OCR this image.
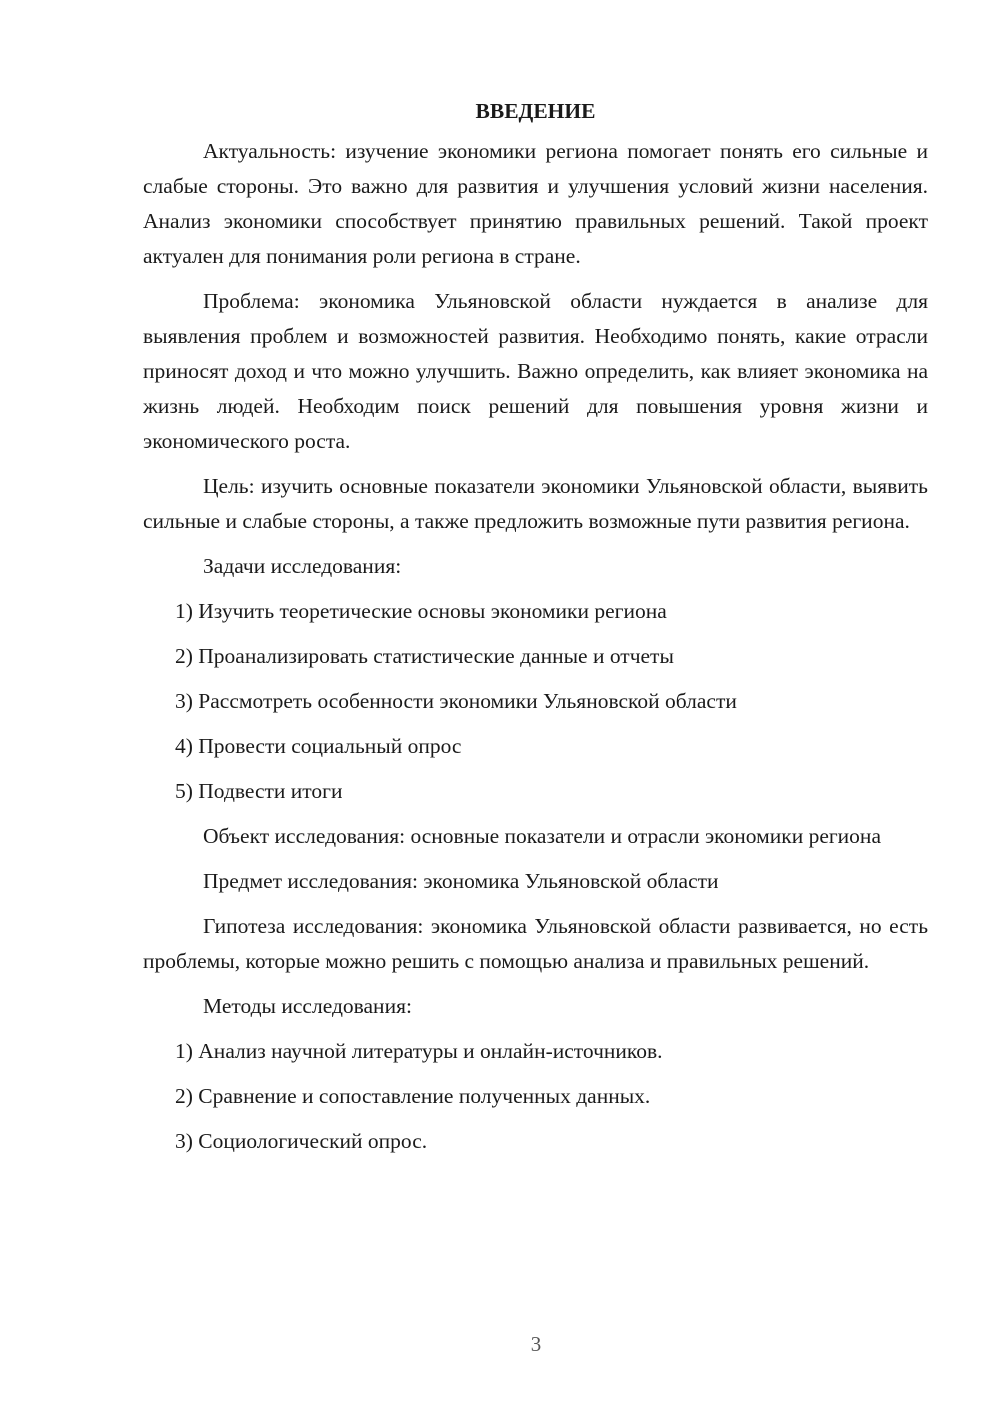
ВВЕДЕНИЕ
Актуальность: изучение экономики региона помогает понять его сильные и слабые стороны. Это важно для развития и улучшения условий жизни населения. Анализ экономики способствует принятию правильных решений. Такой проект актуален для понимания роли региона в стране.
Проблема: экономика Ульяновской области нуждается в анализе для выявления проблем и возможностей развития. Необходимо понять, какие отрасли приносят доход и что можно улучшить. Важно определить, как влияет экономика на жизнь людей. Необходим поиск решений для повышения уровня жизни и экономического роста.
Цель: изучить основные показатели экономики Ульяновской области, выявить сильные и слабые стороны, а также предложить возможные пути развития региона.
Задачи исследования:
1) Изучить теоретические основы экономики региона
2) Проанализировать статистические данные и отчеты
3) Рассмотреть особенности экономики Ульяновской области
4) Провести социальный опрос
5) Подвести итоги
Объект исследования: основные показатели и отрасли экономики региона
Предмет исследования: экономика Ульяновской области
Гипотеза исследования: экономика Ульяновской области развивается, но есть проблемы, которые можно решить с помощью анализа и правильных решений.
Методы исследования:
1) Анализ научной литературы и онлайн-источников.
2) Сравнение и сопоставление полученных данных.
3) Социологический опрос.
3
